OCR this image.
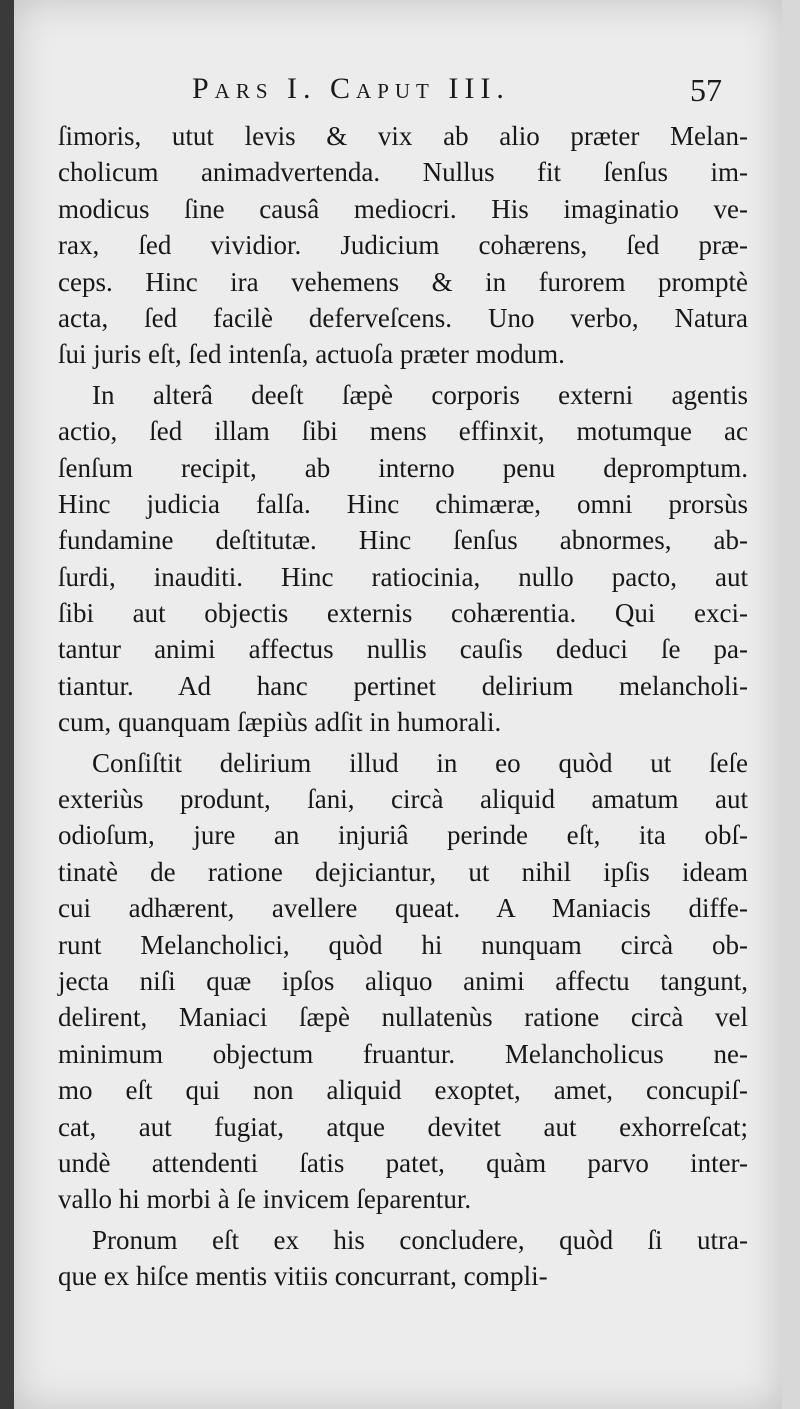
Pars I. Caput III.	57
ſimoris, utut levis & vix ab alio præter Melan-
cholicum animadvertenda. Nullus fit ſenſus im-
modicus ſine causâ mediocri. His imaginatio ve-
rax, ſed vividior. Judicium cohærens, ſed præ-
ceps. Hinc ira vehemens & in furorem promptè
acta, ſed facilè deferveſcens. Uno verbo, Natura
ſui juris eſt, ſed intenſa, actuoſa præter modum.
In alterâ deeſt ſæpè corporis externi agentis
actio, ſed illam ſibi mens effinxit, motumque ac
ſenſum recipit, ab interno penu depromptum.
Hinc judicia falſa. Hinc chimæræ, omni prorsùs
fundamine deſtitutæ. Hinc ſenſus abnormes, ab-
ſurdi, inauditi. Hinc ratiocinia, nullo pacto, aut
ſibi aut objectis externis cohærentia. Qui exci-
tantur animi affectus nullis cauſis deduci ſe pa-
tiantur. Ad hanc pertinet delirium melancholi-
cum, quanquam ſæpiùs adſit in humorali.
Conſiſtit delirium illud in eo quòd ut ſeſe
exteriùs produnt, ſani, circà aliquid amatum aut
odioſum, jure an injuriâ perinde eſt, ita obſ-
tinatè de ratione dejiciantur, ut nihil ipſis ideam
cui adhærent, avellere queat. A Maniacis diffe-
runt Melancholici, quòd hi nunquam circà ob-
jecta niſi quæ ipſos aliquo animi affectu tangunt,
delirent, Maniaci ſæpè nullatenùs ratione circà vel
minimum objectum fruantur. Melancholicus ne-
mo eſt qui non aliquid exoptet, amet, concupiſ-
cat, aut fugiat, atque devitet aut exhorreſcat;
undè attendenti ſatis patet, quàm parvo inter-
vallo hi morbi à ſe invicem ſeparentur.
Pronum eſt ex his concludere, quòd ſi utra-
que ex hiſce mentis vitiis concurrant, compli-
